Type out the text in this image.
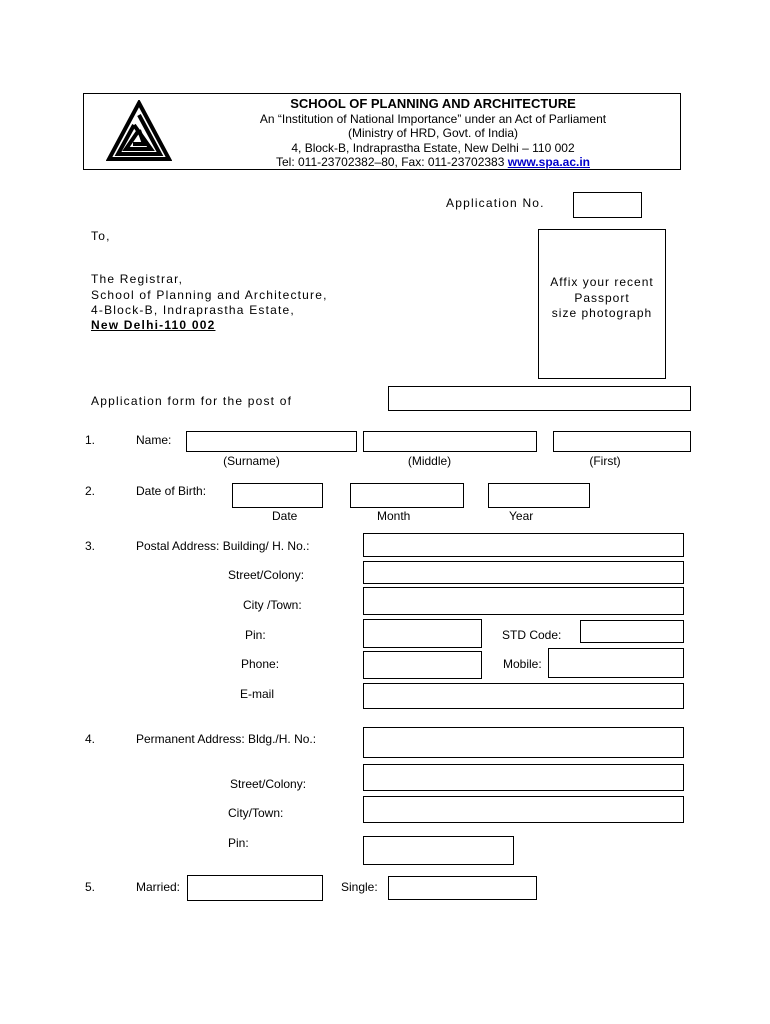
SCHOOL OF PLANNING AND ARCHITECTURE
An “Institution of National Importance” under an Act of Parliament
(Ministry of HRD, Govt. of India)
4, Block-B, Indraprastha Estate, New Delhi – 110 002
Tel: 011-23702382–80, Fax: 011-23702383 www.spa.ac.in
Application No.
To,
The Registrar,
School of Planning and Architecture,
4-Block-B, Indraprastha Estate,
New Delhi-110 002
Affix your recent
Passport
size photograph
Application form for the post of
1.	Name:
(Surname)	(Middle)	(First)
2.	Date of Birth:
Date	Month	Year
3.	Postal Address: Building/ H. No.:
Street/Colony:
City /Town:
Pin:	STD Code:
Phone:	Mobile:
E-mail
4.	Permanent Address: Bldg./H. No.:
Street/Colony:
City/Town:
Pin:
5.	Married:	Single:
